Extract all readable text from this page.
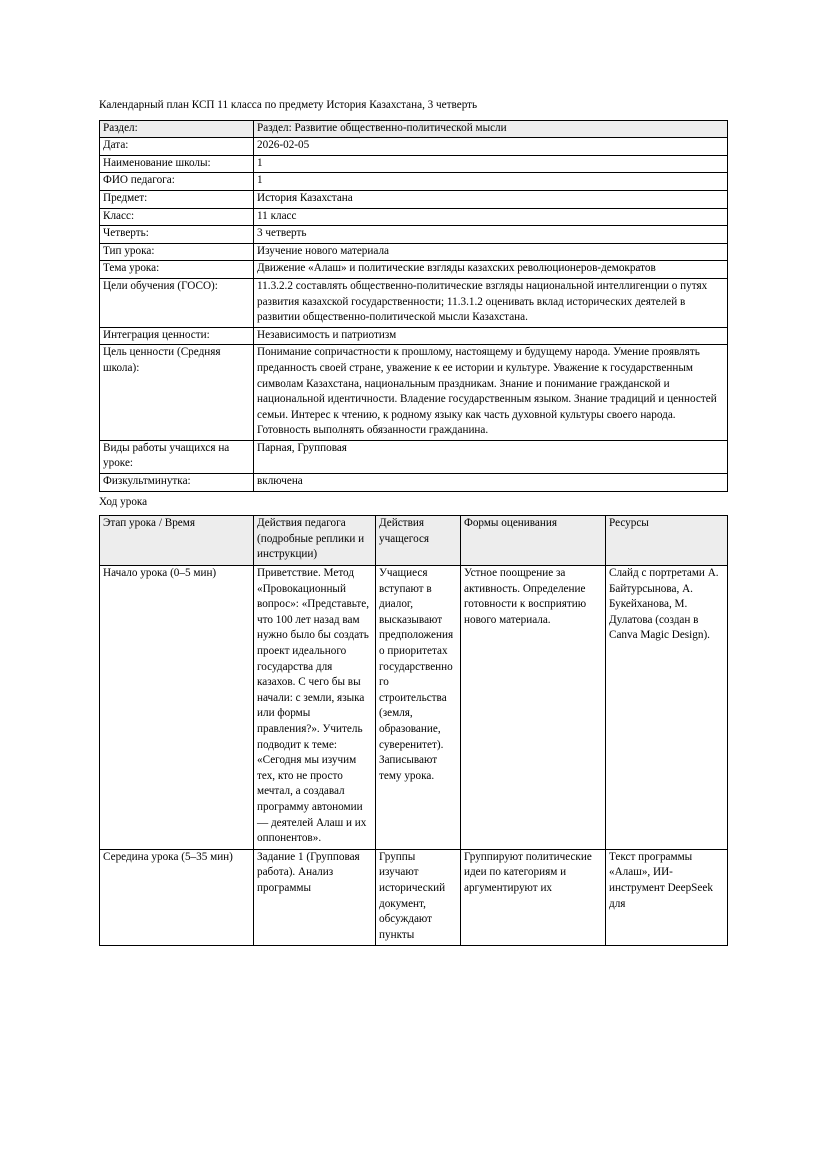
Календарный план КСП 11 класса по предмету История Казахстана, 3 четверть

Раздел:	Раздел: Развитие общественно-политической мысли
Дата:	2026-02-05
Наименование школы:	1
ФИО педагога:	1
Предмет:	История Казахстана
Класс:	11 класс
Четверть:	3 четверть
Тип урока:	Изучение нового материала
Тема урока:	Движение «Алаш» и политические взгляды казахских революционеров-демократов
Цели обучения (ГОСО):	11.3.2.2 составлять общественно-политические взгляды национальной интеллигенции о путях развития казахской государственности; 11.3.1.2 оценивать вклад исторических деятелей в развитии общественно-политической мысли Казахстана.
Интеграция ценности:	Независимость и патриотизм
Цель ценности (Средняя школа):	Понимание сопричастности к прошлому, настоящему и будущему народа. Умение проявлять преданность своей стране, уважение к ее истории и культуре. Уважение к государственным символам Казахстана, национальным праздникам. Знание и понимание гражданской и национальной идентичности. Владение государственным языком. Знание традиций и ценностей семьи. Интерес к чтению, к родному языку как часть духовной культуры своего народа. Готовность выполнять обязанности гражданина.
Виды работы учащихся на уроке:	Парная, Групповая
Физкультминутка:	включена

Ход урока

Этап урока / Время	Действия педагога (подробные реплики и инструкции)	Действия учащегося	Формы оценивания	Ресурсы
Начало урока (0–5 мин)	Приветствие. Метод «Провокационный вопрос»: «Представьте, что 100 лет назад вам нужно было бы создать проект идеального государства для казахов. С чего бы вы начали: с земли, языка или формы правления?». Учитель подводит к теме: «Сегодня мы изучим тех, кто не просто мечтал, а создавал программу автономии — деятелей Алаш и их оппонентов».	Учащиеся вступают в диалог, высказывают предположения о приоритетах государственного строительства (земля, образование, суверенитет). Записывают тему урока.	Устное поощрение за активность. Определение готовности к восприятию нового материала.	Слайд с портретами А. Байтурсынова, А. Букейханова, М. Дулатова (создан в Canva Magic Design).
Середина урока (5–35 мин)	Задание 1 (Групповая работа). Анализ программы	Группы изучают исторический документ, обсуждают пункты	Группируют политические идеи по категориям и аргументируют их	Текст программы «Алаш», ИИ-инструмент DeepSeek для
